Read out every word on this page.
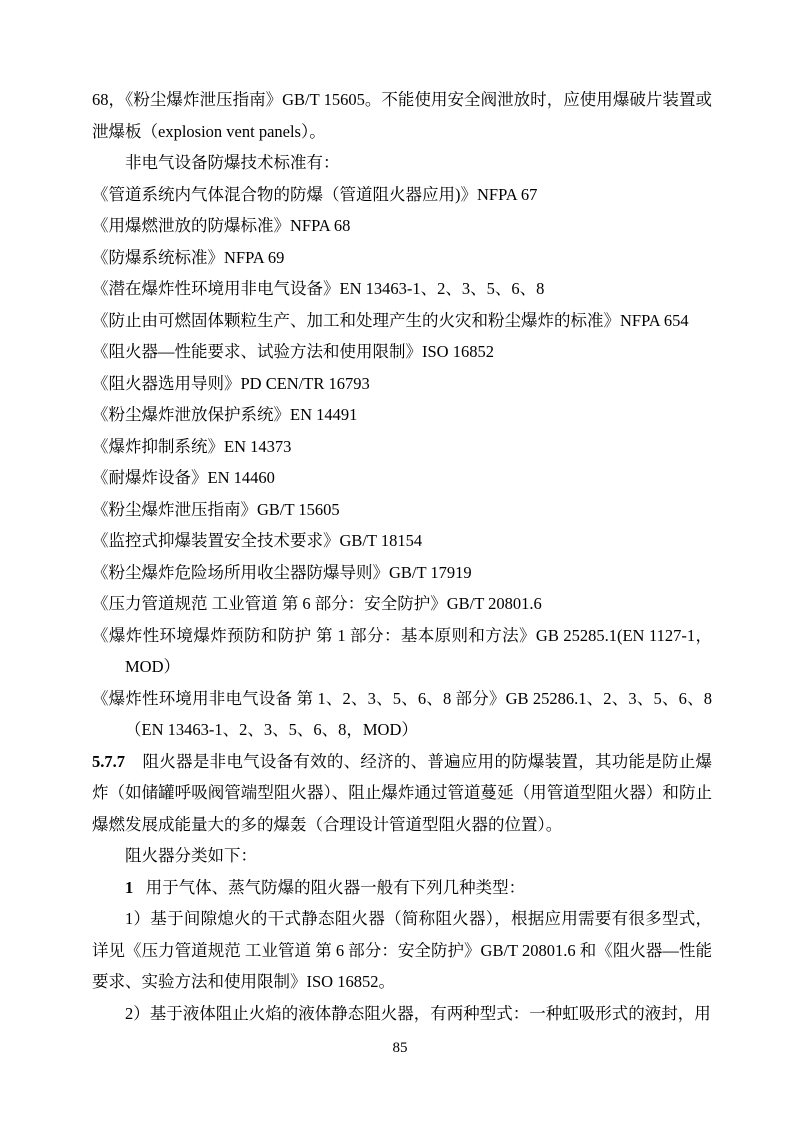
68，《粉尘爆炸泄压指南》GB/T 15605。不能使用安全阀泄放时，应使用爆破片装置或泄爆板（explosion vent panels）。

非电气设备防爆技术标准有：

《管道系统内气体混合物的防爆（管道阻火器应用)》NFPA 67

《用爆燃泄放的防爆标准》NFPA 68

《防爆系统标准》NFPA 69

《潜在爆炸性环境用非电气设备》EN 13463-1、2、3、5、6、8

《防止由可燃固体颗粒生产、加工和处理产生的火灾和粉尘爆炸的标准》NFPA 654

《阻火器—性能要求、试验方法和使用限制》ISO 16852

《阻火器选用导则》PD CEN/TR 16793

《粉尘爆炸泄放保护系统》EN 14491

《爆炸抑制系统》EN 14373

《耐爆炸设备》EN 14460

《粉尘爆炸泄压指南》GB/T 15605

《监控式抑爆装置安全技术要求》GB/T 18154

《粉尘爆炸危险场所用收尘器防爆导则》GB/T 17919

《压力管道规范 工业管道 第 6 部分：安全防护》GB/T 20801.6

《爆炸性环境爆炸预防和防护 第 1 部分：基本原则和方法》GB 25285.1(EN 1127-1，MOD）

《爆炸性环境用非电气设备 第 1、2、3、5、6、8 部分》GB 25286.1、2、3、5、6、8（EN 13463-1、2、3、5、6、8，MOD）

5.7.7 阻火器是非电气设备有效的、经济的、普遍应用的防爆装置，其功能是防止爆炸（如储罐呼吸阀管端型阻火器）、阻止爆炸通过管道蔓延（用管道型阻火器）和防止爆燃发展成能量大的多的爆轰（合理设计管道型阻火器的位置）。

阻火器分类如下：

1 用于气体、蒸气防爆的阻火器一般有下列几种类型：

1）基于间隙熄火的干式静态阻火器（简称阻火器），根据应用需要有很多型式，详见《压力管道规范 工业管道 第 6 部分：安全防护》GB/T 20801.6 和《阻火器—性能要求、实验方法和使用限制》ISO 16852。

2）基于液体阻止火焰的液体静态阻火器，有两种型式：一种虹吸形式的液封，用

85
